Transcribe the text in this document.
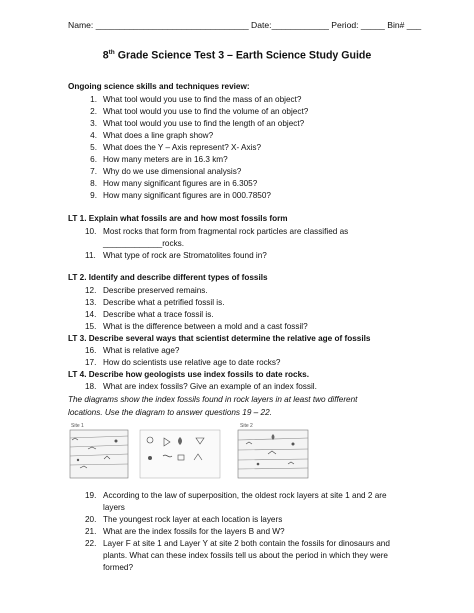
Name: ________________________________ Date:____________ Period: _____ Bin# ___
8th Grade Science Test 3 – Earth Science Study Guide
Ongoing science skills and techniques review:
1. What tool would you use to find the mass of an object?
2. What tool would you use to find the volume of an object?
3. What tool would you use to find the length of an object?
4. What does a line graph show?
5. What does the Y – Axis represent? X- Axis?
6. How many meters are in 16.3 km?
7. Why do we use dimensional analysis?
8. How many significant figures are in 6.305?
9. How many significant figures are in 000.7850?
LT 1. Explain what fossils are and how most fossils form
10. Most rocks that form from fragmental rock particles are classified as
_____________rocks.
11. What type of rock are Stromatolites found in?
LT 2. Identify and describe different types of fossils
12. Describe preserved remains.
13. Describe what a petrified fossil is.
14. Describe what a trace fossil is.
15. What is the difference between a mold and a cast fossil?
LT 3. Describe several ways that scientist determine the relative age of fossils
16. What is relative age?
17. How do scientists use relative age to date rocks?
LT 4. Describe how geologists use index fossils to date rocks.
18. What are index fossils? Give an example of an index fossil.
The diagrams show the index fossils found in rock layers in at least two different
locations. Use the diagram to answer questions 19 – 22.
Site 1	Site 2
19. According to the law of superposition, the oldest rock layers at site 1 and 2 are
layers
20. The youngest rock layer at each location is layers
21. What are the index fossils for the layers B and W?
22. Layer F at site 1 and Layer Y at site 2 both contain the fossils for dinosaurs and
plants. What can these index fossils tell us about the period in which they were
formed?
